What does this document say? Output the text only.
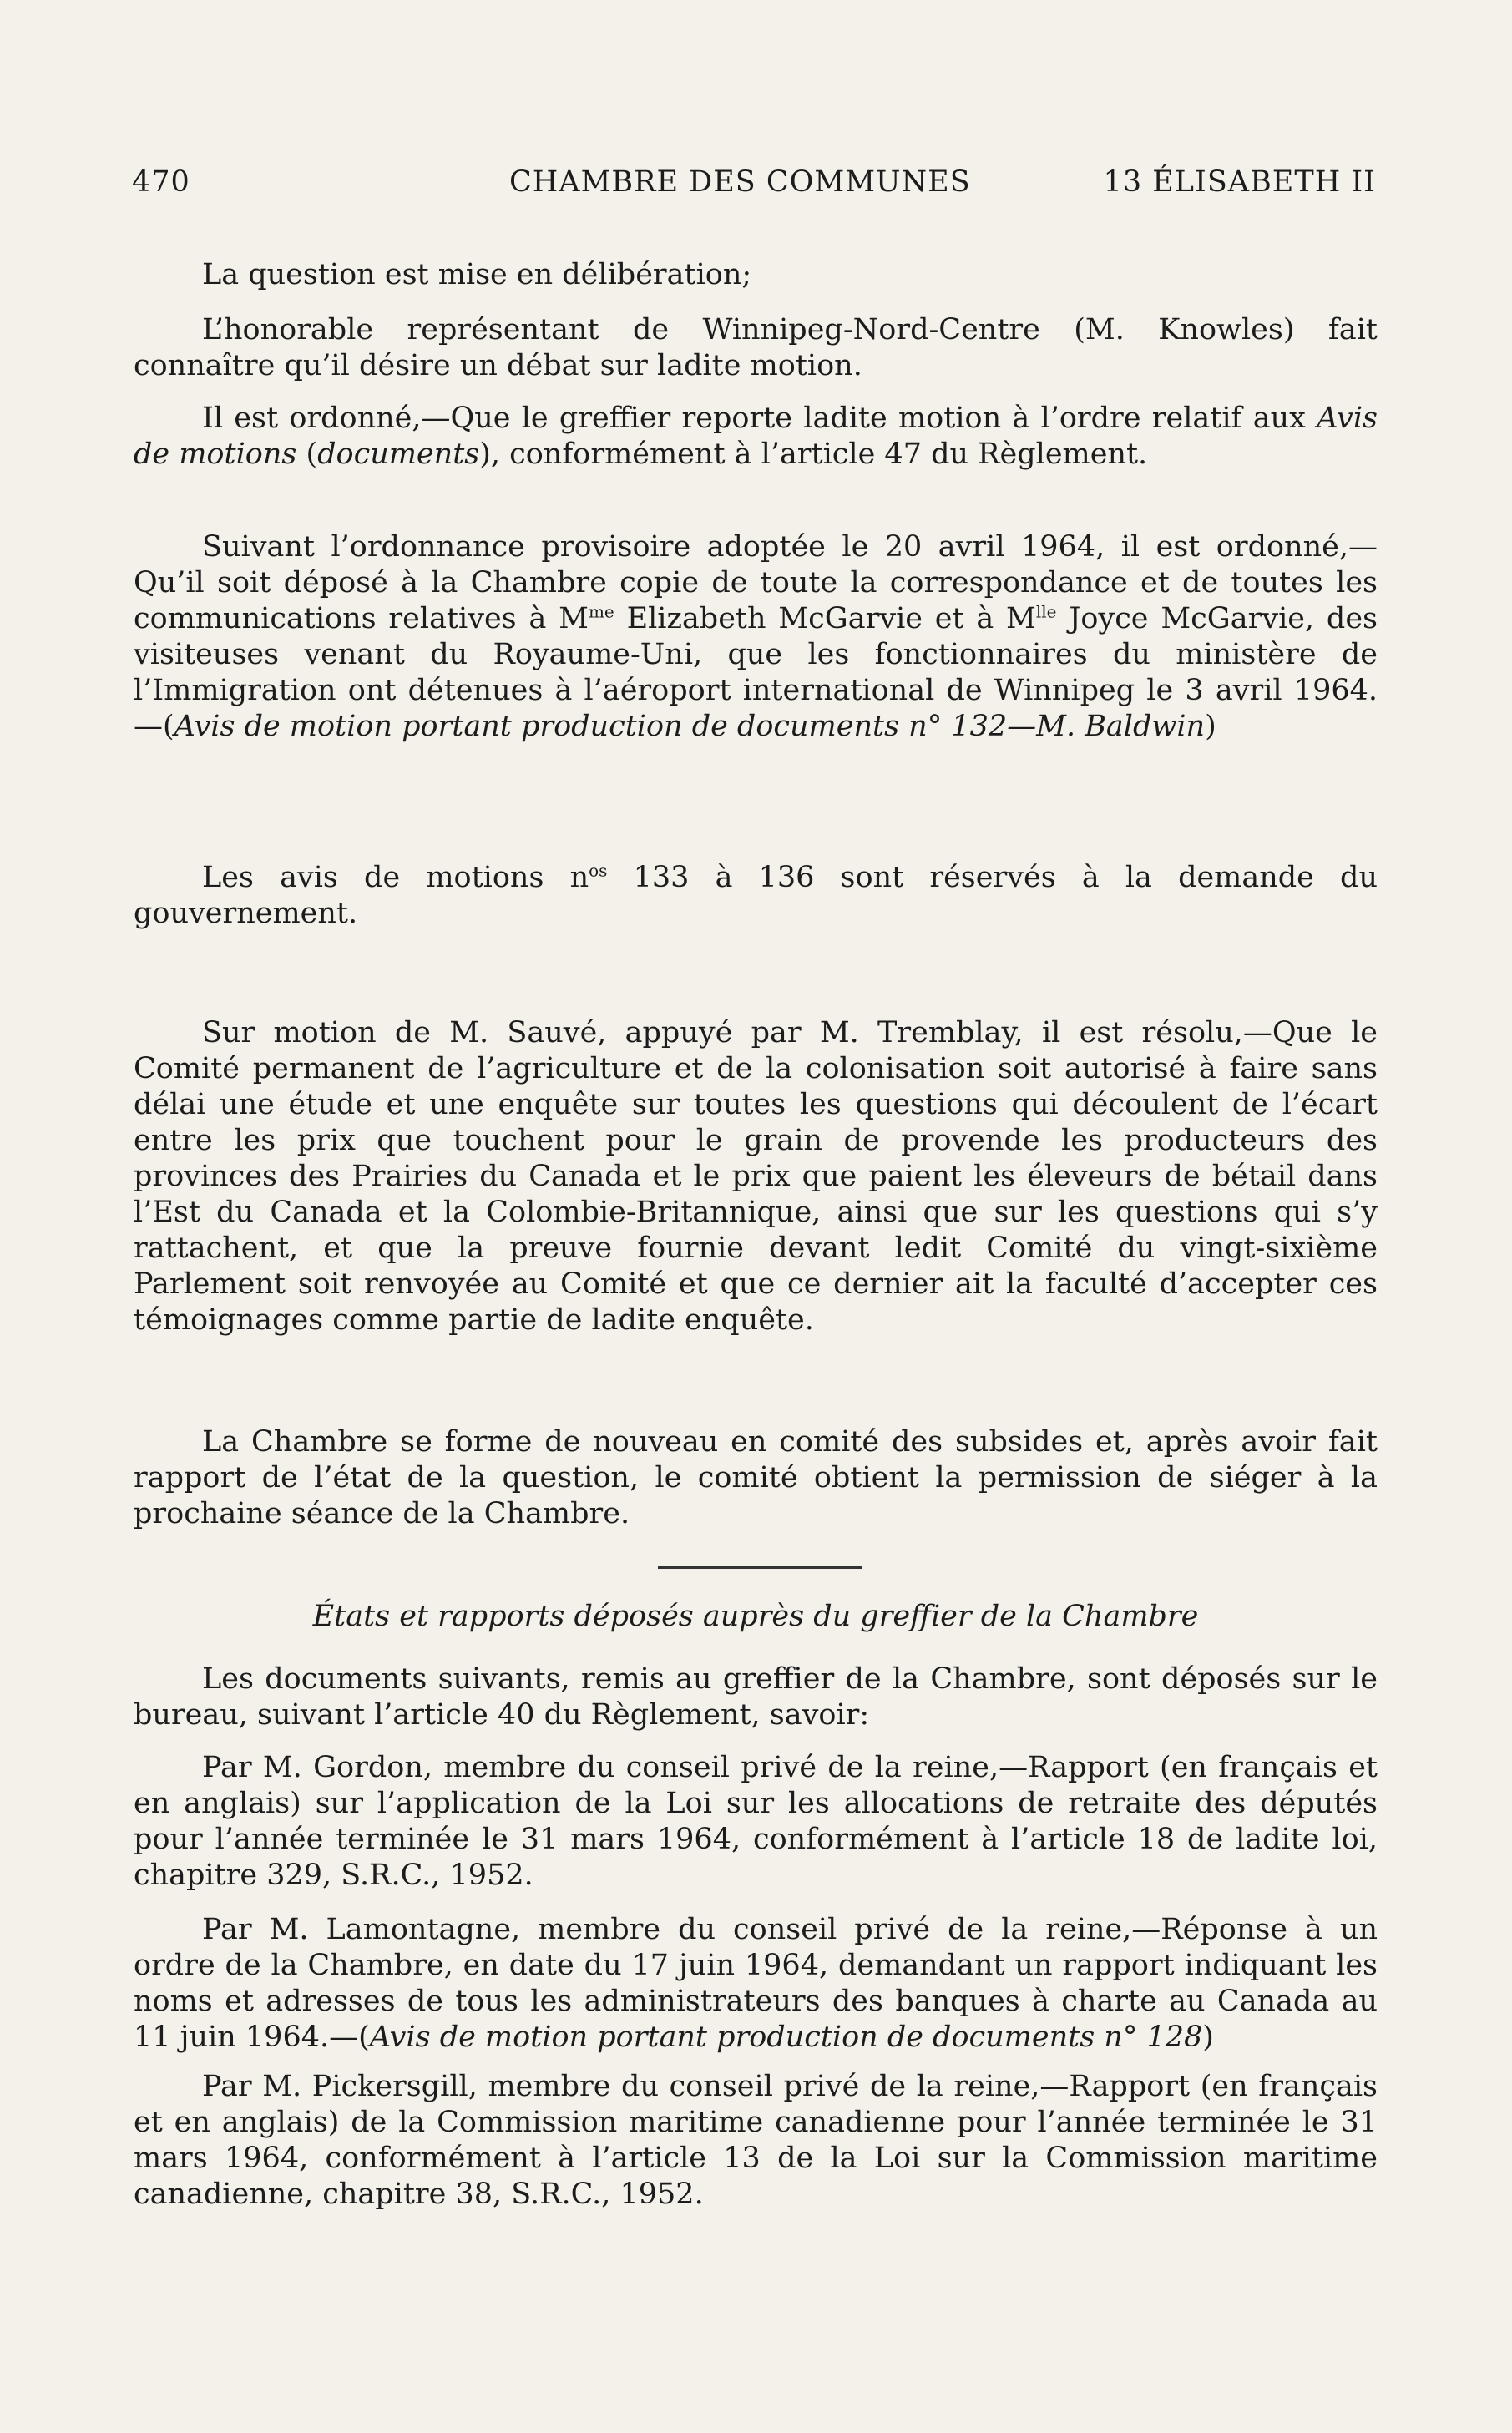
470	CHAMBRE DES COMMUNES	13 ÉLISABETH II

La question est mise en délibération;

L’honorable représentant de Winnipeg-Nord-Centre (M. Knowles) fait connaître qu’il désire un débat sur ladite motion.

Il est ordonné,—Que le greffier reporte ladite motion à l’ordre relatif aux Avis de motions (documents), conformément à l’article 47 du Règlement.

Suivant l’ordonnance provisoire adoptée le 20 avril 1964, il est ordonné,—Qu’il soit déposé à la Chambre copie de toute la correspondance et de toutes les communications relatives à $M^{me}$ Elizabeth McGarvie et à $M^{lle}$ Joyce McGarvie, des visiteuses venant du Royaume-Uni, que les fonctionnaires du ministère de l’Immigration ont détenues à l’aéroport international de Winnipeg le 3 avril 1964.—(Avis de motion portant production de documents n° 132—M. Baldwin)

Les avis de motions $n^{os}$ 133 à 136 sont réservés à la demande du gouvernement.

Sur motion de M. Sauvé, appuyé par M. Tremblay, il est résolu,—Que le Comité permanent de l’agriculture et de la colonisation soit autorisé à faire sans délai une étude et une enquête sur toutes les questions qui découlent de l’écart entre les prix que touchent pour le grain de provende les producteurs des provinces des Prairies du Canada et le prix que paient les éleveurs de bétail dans l’Est du Canada et la Colombie-Britannique, ainsi que sur les questions qui s’y rattachent, et que la preuve fournie devant ledit Comité du vingt-sixième Parlement soit renvoyée au Comité et que ce dernier ait la faculté d’accepter ces témoignages comme partie de ladite enquête.

La Chambre se forme de nouveau en comité des subsides et, après avoir fait rapport de l’état de la question, le comité obtient la permission de siéger à la prochaine séance de la Chambre.

États et rapports déposés auprès du greffier de la Chambre

Les documents suivants, remis au greffier de la Chambre, sont déposés sur le bureau, suivant l’article 40 du Règlement, savoir:

Par M. Gordon, membre du conseil privé de la reine,—Rapport (en français et en anglais) sur l’application de la Loi sur les allocations de retraite des députés pour l’année terminée le 31 mars 1964, conformément à l’article 18 de ladite loi, chapitre 329, S.R.C., 1952.

Par M. Lamontagne, membre du conseil privé de la reine,—Réponse à un ordre de la Chambre, en date du 17 juin 1964, demandant un rapport indiquant les noms et adresses de tous les administrateurs des banques à charte au Canada au 11 juin 1964.—(Avis de motion portant production de documents n° 128)

Par M. Pickersgill, membre du conseil privé de la reine,—Rapport (en français et en anglais) de la Commission maritime canadienne pour l’année terminée le 31 mars 1964, conformément à l’article 13 de la Loi sur la Commission maritime canadienne, chapitre 38, S.R.C., 1952.
